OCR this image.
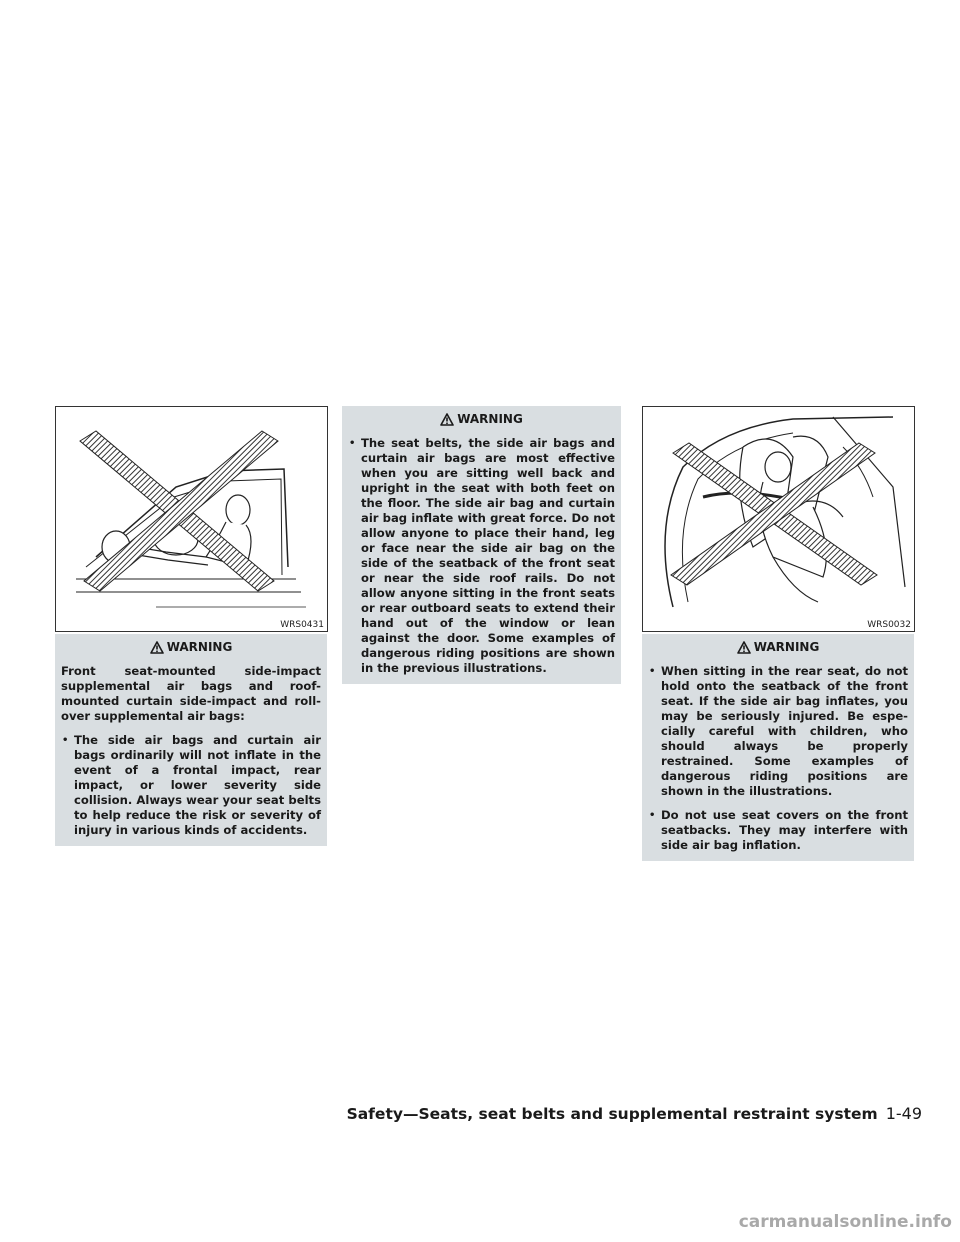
WRS0431
WARNING

Front seat-mounted side-impact supplemental air bags and roof-mounted curtain side-impact and roll-over supplemental air bags:

• The side air bags and curtain air bags ordinarily will not inflate in the event of a frontal impact, rear impact, or lower severity side collision. Always wear your seat belts to help reduce the risk or severity of injury in various kinds of accidents.
WARNING
• The seat belts, the side air bags and curtain air bags are most effective when you are sitting well back and upright in the seat with both feet on the floor. The side air bag and curtain air bag inflate with great force. Do not allow anyone to place their hand, leg or face near the side air bag on the side of the seatback of the front seat or near the side roof rails. Do not allow anyone sitting in the front seats or rear outboard seats to extend their hand out of the window or lean against the door. Some examples of dangerous riding positions are shown in the previous illustrations.
WRS0032
WARNING
• When sitting in the rear seat, do not hold onto the seatback of the front seat. If the side air bag inflates, you may be seriously injured. Be espe-cially careful with children, who should always be properly restrained. Some examples of dangerous riding positions are shown in the illustrations.
• Do not use seat covers on the front seatbacks. They may interfere with side air bag inflation.
Safety—Seats, seat belts and supplemental restraint system 1-49
carmanualsonline.info
